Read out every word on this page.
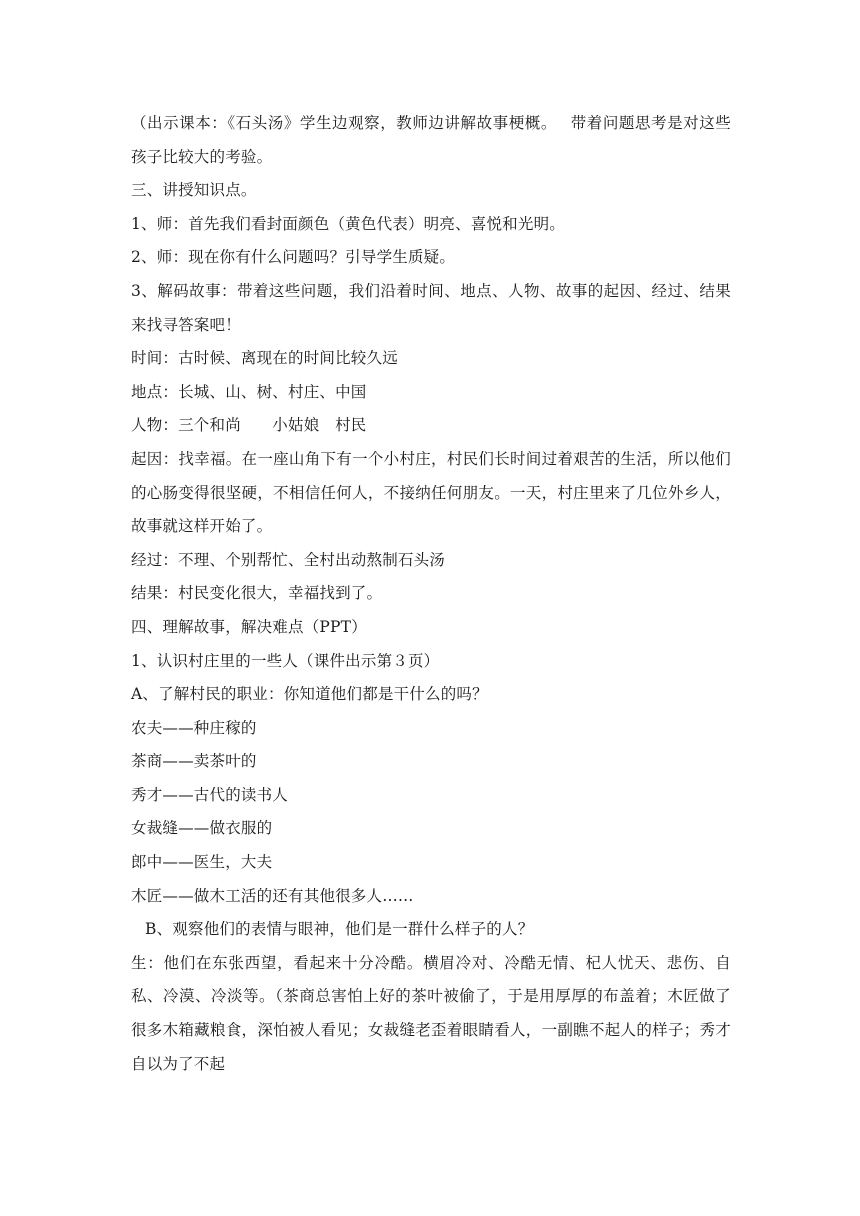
（出示课本：《石头汤》学生边观察，教师边讲解故事梗概。　 带着问题思考是对这些孩子比较大的考验。

三、讲授知识点。

1、师：首先我们看封面颜色（黄色代表）明亮、喜悦和光明。

2、师：现在你有什么问题吗？引导学生质疑。

3、解码故事：带着这些问题，我们沿着时间、地点、人物、故事的起因、经过、结果来找寻答案吧！

时间：古时候、离现在的时间比较久远

地点：长城、山、树、村庄、中国

人物：三个和尚　　小姑娘　村民

起因：找幸福。在一座山角下有一个小村庄，村民们长时间过着艰苦的生活，所以他们的心肠变得很坚硬，不相信任何人，不接纳任何朋友。一天，村庄里来了几位外乡人，故事就这样开始了。

经过：不理、个别帮忙、全村出动熬制石头汤

结果：村民变化很大，幸福找到了。

四、理解故事，解决难点（PPT）

1、认识村庄里的一些人（课件出示第３页）

A、了解村民的职业：你知道他们都是干什么的吗？

农夫——种庄稼的

茶商——卖茶叶的

秀才——古代的读书人

女裁缝——做衣服的

郎中——医生，大夫

木匠——做木工活的还有其他很多人……

B、观察他们的表情与眼神，他们是一群什么样子的人？

生：他们在东张西望，看起来十分冷酷。横眉冷对、冷酷无情、杞人忧天、悲伤、自私、冷漠、冷淡等。（茶商总害怕上好的茶叶被偷了，于是用厚厚的布盖着；木匠做了很多木箱藏粮食，深怕被人看见；女裁缝老歪着眼睛看人，一副瞧不起人的样子；秀才自以为了不起
